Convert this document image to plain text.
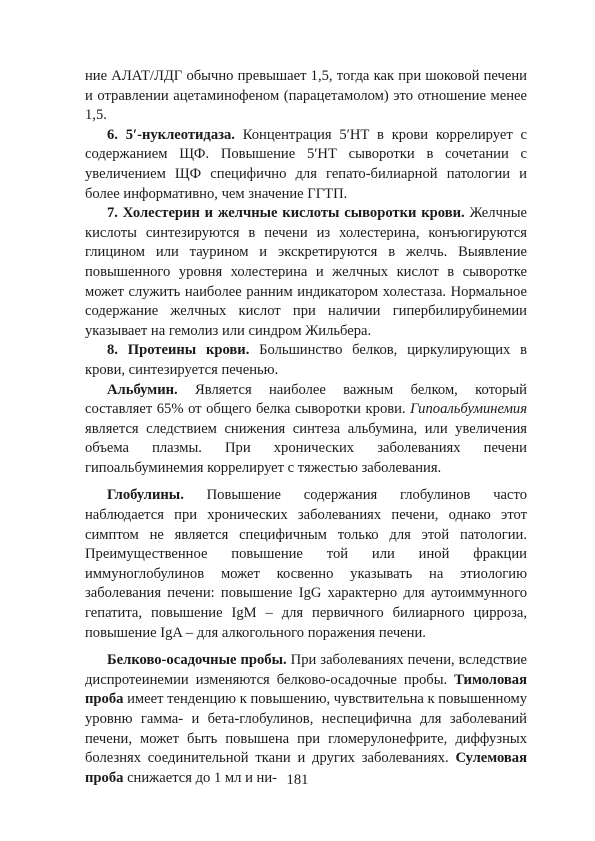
ние АЛАТ/ЛДГ обычно превышает 1,5, тогда как при шоковой печени и отравлении ацетаминофеном (парацетамолом) это отношение менее 1,5.

6. 5′-нуклеотидаза. Концентрация 5′НТ в крови коррелирует с содержанием ЩФ. Повышение 5′НТ сыворотки в сочетании с увеличением ЩФ специфично для гепато-билиарной патологии и более информативно, чем значение ГГТП.

7. Холестерин и желчные кислоты сыворотки крови. Желчные кислоты синтезируются в печени из холестерина, конъюгируются глицином или таурином и экскретируются в желчь. Выявление повышенного уровня холестерина и желчных кислот в сыворотке может служить наиболее ранним индикатором холестаза. Нормальное содержание желчных кислот при наличии гипербилирубинемии указывает на гемолиз или синдром Жильбера.

8. Протеины крови. Большинство белков, циркулирующих в крови, синтезируется печенью.

Альбумин. Является наиболее важным белком, который составляет 65% от общего белка сыворотки крови. Гипоальбуминемия является следствием снижения синтеза альбумина, или увеличения объема плазмы. При хронических заболеваниях печени гипоальбуминемия коррелирует с тяжестью заболевания.

Глобулины. Повышение содержания глобулинов часто наблюдается при хронических заболеваниях печени, однако этот симптом не является специфичным только для этой патологии. Преимущественное повышение той или иной фракции иммуноглобулинов может косвенно указывать на этиологию заболевания печени: повышение IgG характерно для аутоиммунного гепатита, повышение IgM – для первичного билиарного цирроза, повышение IgA – для алкогольного поражения печени.

Белково-осадочные пробы. При заболеваниях печени, вследствие диспротеинемии изменяются белково-осадочные пробы. Тимоловая проба имеет тенденцию к повышению, чувствительна к повышенному уровню гамма- и бета-глобулинов, неспецифична для заболеваний печени, может быть повышена при гломерулонефрите, диффузных болезнях соединительной ткани и других заболеваниях. Сулемовая проба снижается до 1 мл и ни- 181
